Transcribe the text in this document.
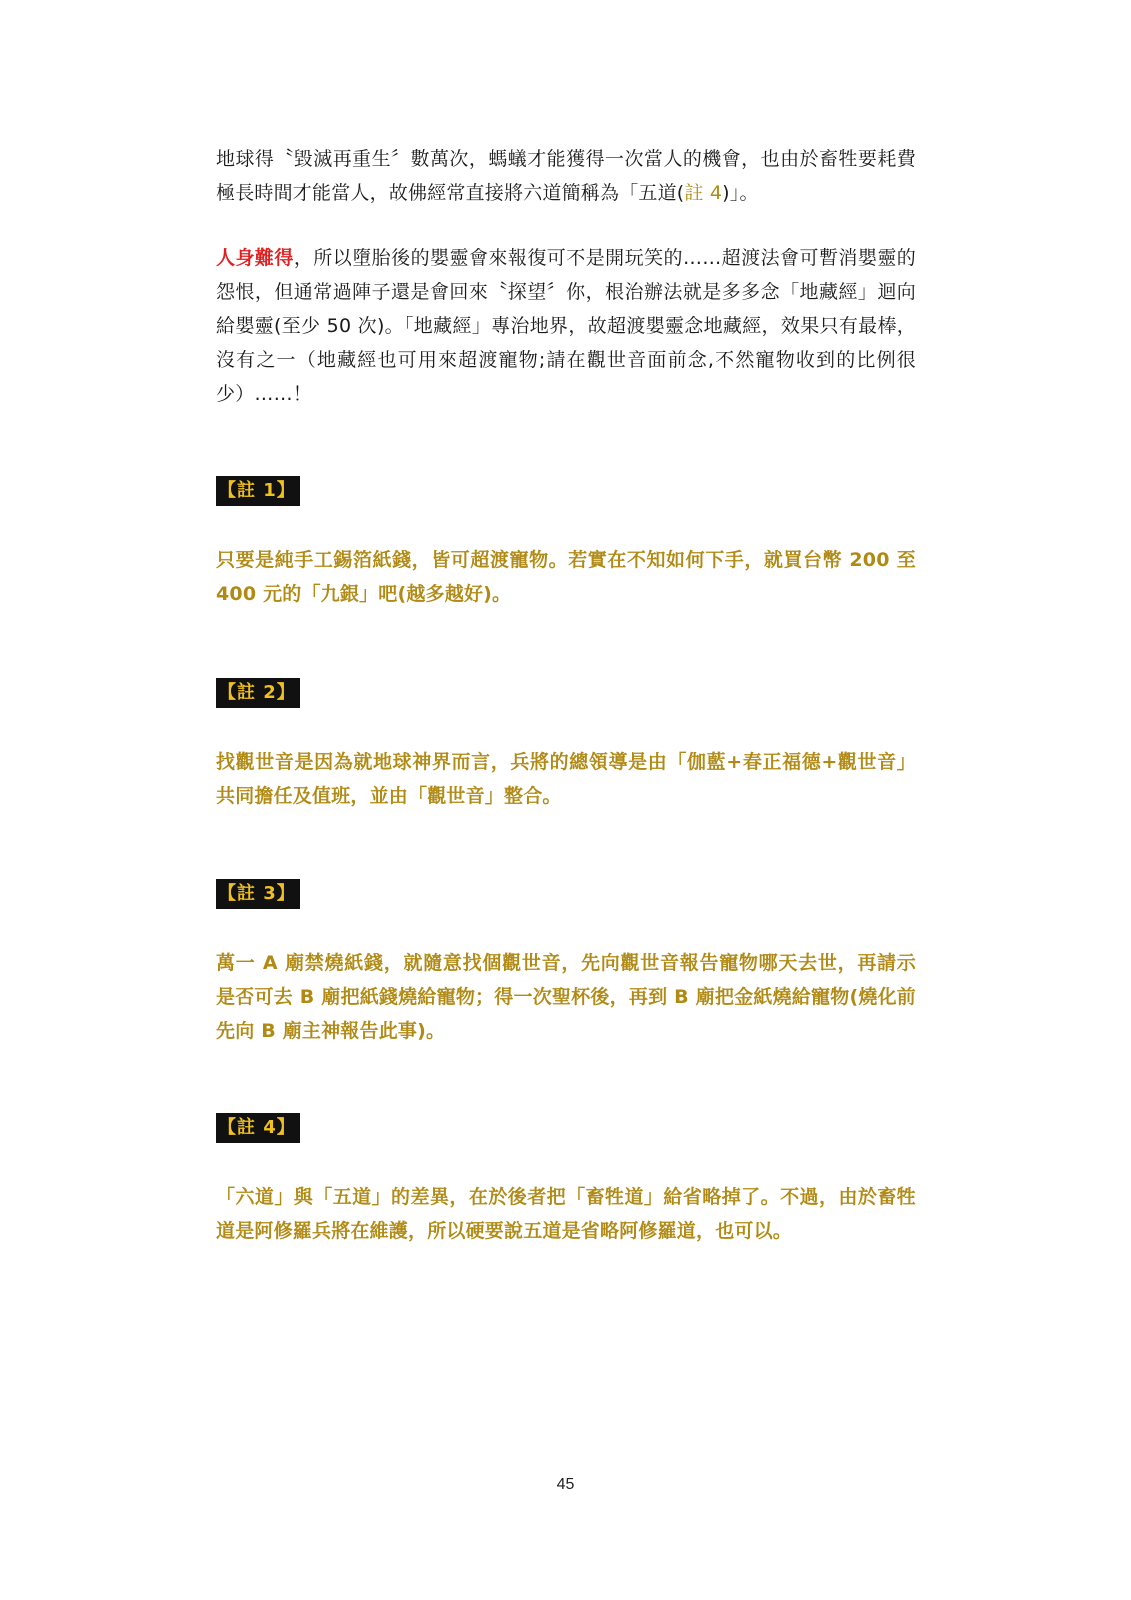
地球得〝毀滅再重生〞數萬次，螞蟻才能獲得一次當人的機會，也由於畜牲要耗費極長時間才能當人，故佛經常直接將六道簡稱為「五道(註 4)」。

人身難得，所以墮胎後的嬰靈會來報復可不是開玩笑的……超渡法會可暫消嬰靈的怨恨，但通常過陣子還是會回來〝探望〞你，根治辦法就是多多念「地藏經」迴向給嬰靈(至少 50 次)。「地藏經」專治地界，故超渡嬰靈念地藏經，效果只有最棒，沒有之一（地藏經也可用來超渡寵物;請在觀世音面前念,不然寵物收到的比例很少）……！

【註 1】

只要是純手工錫箔紙錢，皆可超渡寵物。若實在不知如何下手，就買台幣 200 至 400 元的「九銀」吧(越多越好)。

【註 2】

找觀世音是因為就地球神界而言，兵將的總領導是由「伽藍+春正福德+觀世音」共同擔任及值班，並由「觀世音」整合。

【註 3】

萬一 A 廟禁燒紙錢，就隨意找個觀世音，先向觀世音報告寵物哪天去世，再請示是否可去 B 廟把紙錢燒給寵物；得一次聖杯後，再到 B 廟把金紙燒給寵物(燒化前先向 B 廟主神報告此事)。

【註 4】

「六道」與「五道」的差異，在於後者把「畜牲道」給省略掉了。不過，由於畜牲道是阿修羅兵將在維護，所以硬要說五道是省略阿修羅道，也可以。

45
